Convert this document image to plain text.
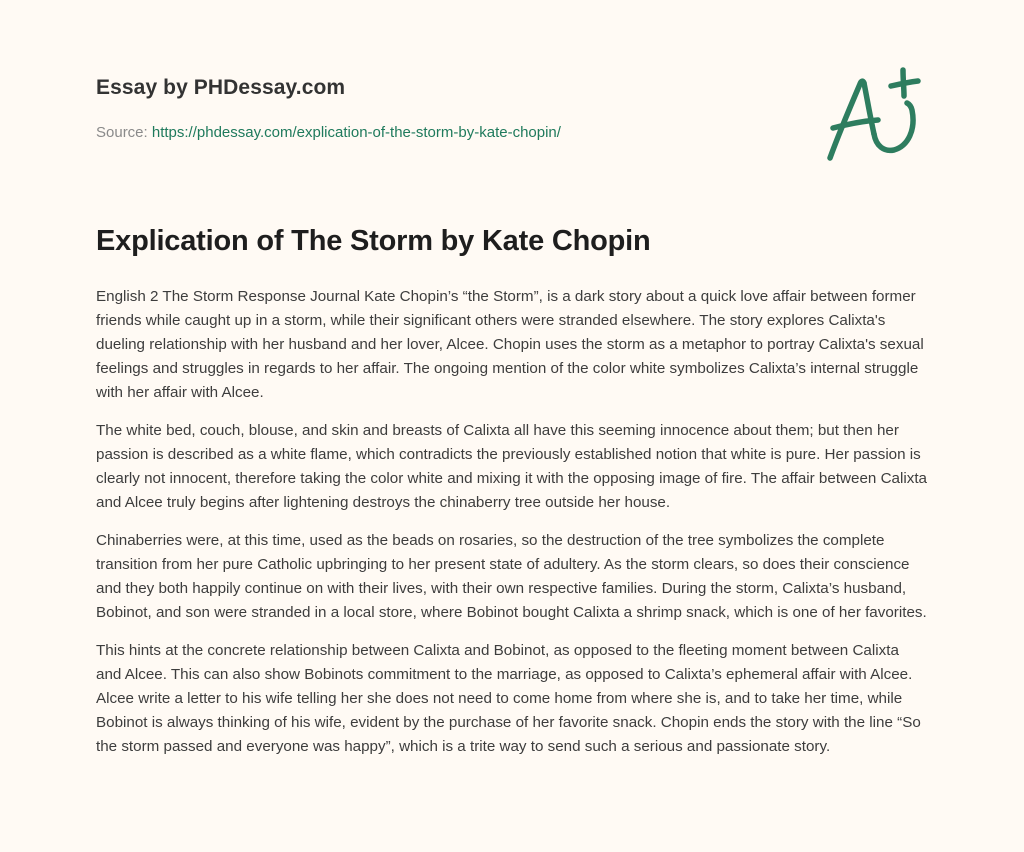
Essay by PHDessay.com
Source: https://phdessay.com/explication-of-the-storm-by-kate-chopin/
Explication of The Storm by Kate Chopin

English 2 The Storm Response Journal Kate Chopin’s “the Storm”, is a dark story about a quick love affair between former friends while caught up in a storm, while their significant others were stranded elsewhere. The story explores Calixta's dueling relationship with her husband and her lover, Alcee. Chopin uses the storm as a metaphor to portray Calixta's sexual feelings and struggles in regards to her affair. The ongoing mention of the color white symbolizes Calixta’s internal struggle with her affair with Alcee.

The white bed, couch, blouse, and skin and breasts of Calixta all have this seeming innocence about them; but then her passion is described as a white flame, which contradicts the previously established notion that white is pure. Her passion is clearly not innocent, therefore taking the color white and mixing it with the opposing image of fire. The affair between Calixta and Alcee truly begins after lightening destroys the chinaberry tree outside her house.

Chinaberries were, at this time, used as the beads on rosaries, so the destruction of the tree symbolizes the complete transition from her pure Catholic upbringing to her present state of adultery. As the storm clears, so does their conscience and they both happily continue on with their lives, with their own respective families. During the storm, Calixta’s husband, Bobinot, and son were stranded in a local store, where Bobinot bought Calixta a shrimp snack, which is one of her favorites.

This hints at the concrete relationship between Calixta and Bobinot, as opposed to the fleeting moment between Calixta and Alcee. This can also show Bobinots commitment to the marriage, as opposed to Calixta’s ephemeral affair with Alcee. Alcee write a letter to his wife telling her she does not need to come home from where she is, and to take her time, while Bobinot is always thinking of his wife, evident by the purchase of her favorite snack. Chopin ends the story with the line “So the storm passed and everyone was happy”, which is a trite way to send such a serious and passionate story.
